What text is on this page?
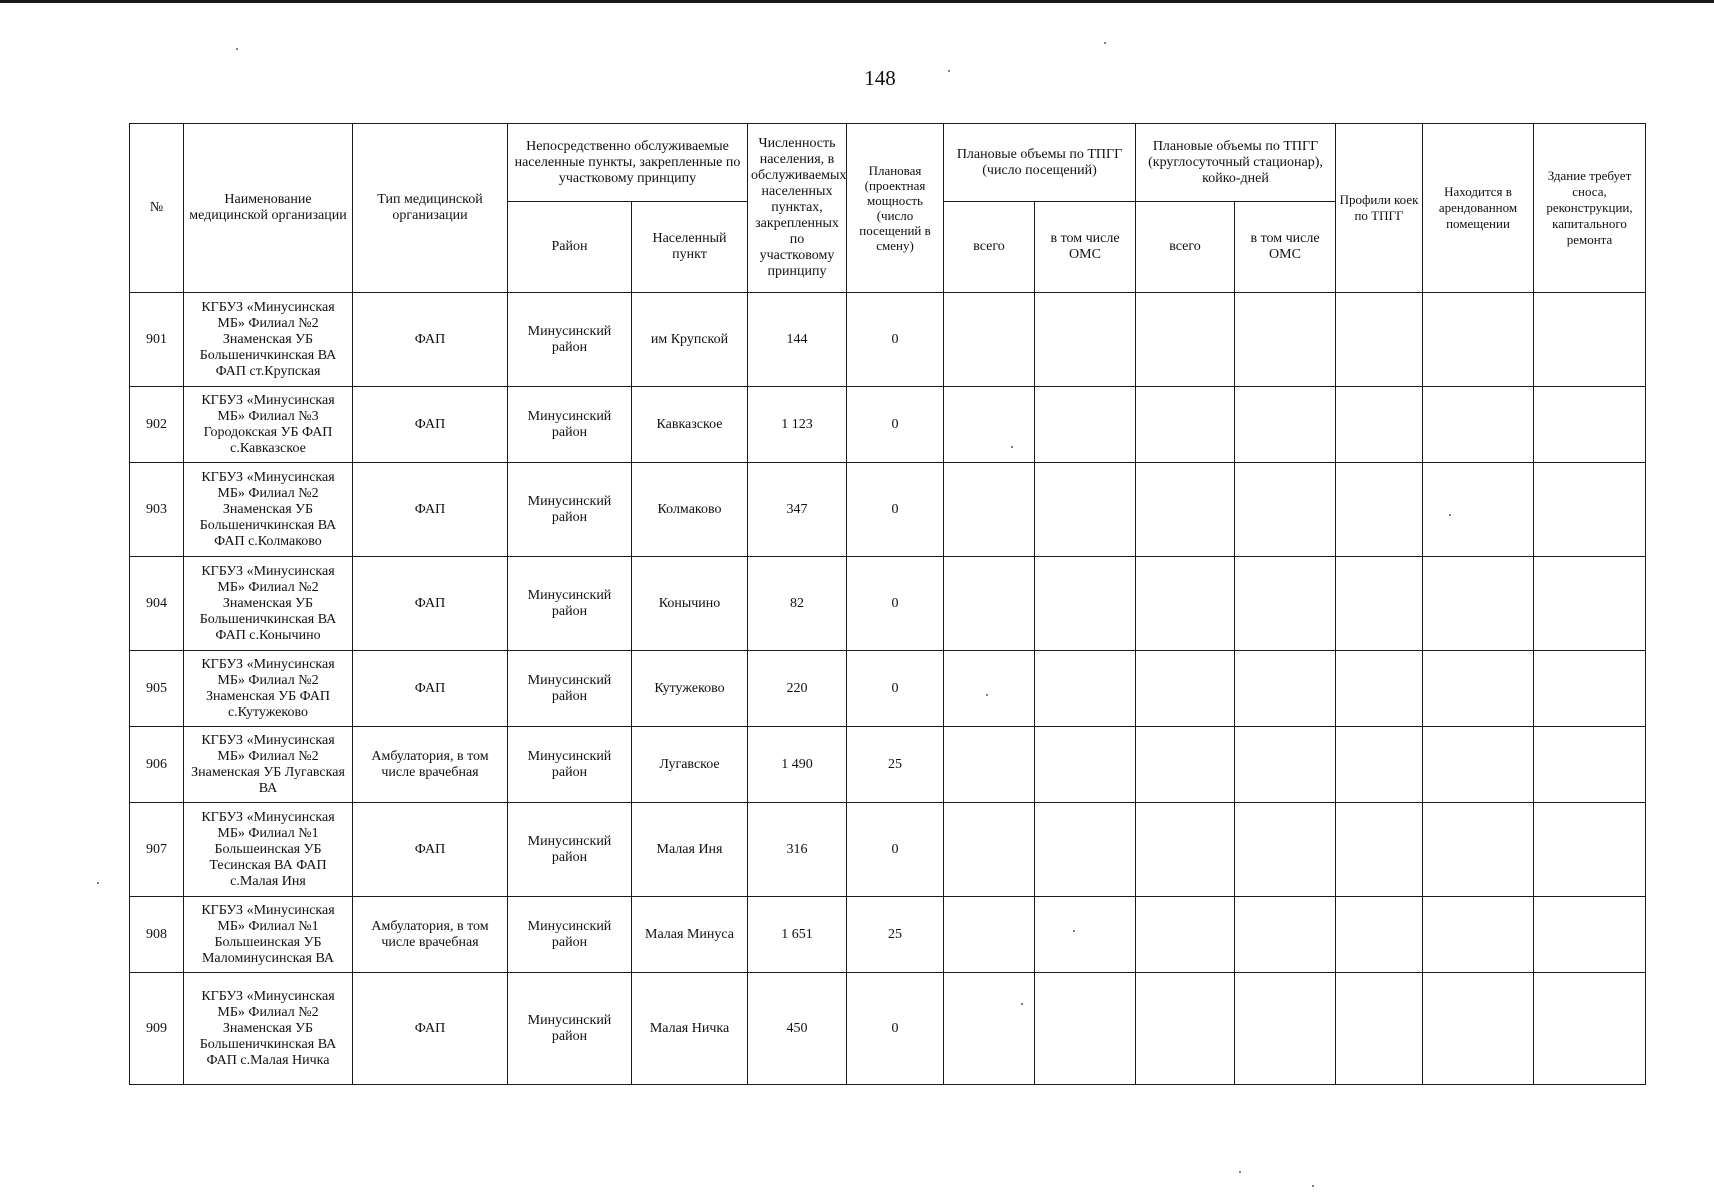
148
№	Наименование медицинской организации	Тип медицинской организации	Непосредственно обслуживаемые населенные пункты, закрепленные по участковому принципу		Численность населения, в обслуживаемых населенных пунктах, закрепленных по участковому принципу	Плановая (проектная мощность (число посещений в смену)	Плановые объемы по ТПГГ (число посещений)		Плановые объемы по ТПГГ (круглосуточный стационар), койко-дней		Профили коек по ТПГГ	Находится в арендованном помещении	Здание требует сноса, реконструкции, капитального ремонта
			Район	Населенный пункт			всего	в том числе ОМС	всего	в том числе ОМС			
901	КГБУЗ «Минусинская МБ» Филиал №2 Знаменская УБ Большеничкинская ВА ФАП ст.Крупская	ФАП	Минусинский район	им Крупской	144	0							
902	КГБУЗ «Минусинская МБ» Филиал №3 Городокская УБ ФАП с.Кавказское	ФАП	Минусинский район	Кавказское	1 123	0							
903	КГБУЗ «Минусинская МБ» Филиал №2 Знаменская УБ Большеничкинская ВА ФАП с.Колмаково	ФАП	Минусинский район	Колмаково	347	0							
904	КГБУЗ «Минусинская МБ» Филиал №2 Знаменская УБ Большеничкинская ВА ФАП с.Конычино	ФАП	Минусинский район	Конычино	82	0							
905	КГБУЗ «Минусинская МБ» Филиал №2 Знаменская УБ ФАП с.Кутужеково	ФАП	Минусинский район	Кутужеково	220	0							
906	КГБУЗ «Минусинская МБ» Филиал №2 Знаменская УБ Лугавская ВА	Амбулатория, в том числе врачебная	Минусинский район	Лугавское	1 490	25							
907	КГБУЗ «Минусинская МБ» Филиал №1 Большеинская УБ Тесинская ВА ФАП с.Малая Иня	ФАП	Минусинский район	Малая Иня	316	0							
908	КГБУЗ «Минусинская МБ» Филиал №1 Большеинская УБ Маломинусинская ВА	Амбулатория, в том числе врачебная	Минусинский район	Малая Минуса	1 651	25							
909	КГБУЗ «Минусинская МБ» Филиал №2 Знаменская УБ Большеничкинская ВА ФАП с.Малая Ничка	ФАП	Минусинский район	Малая Ничка	450	0							
